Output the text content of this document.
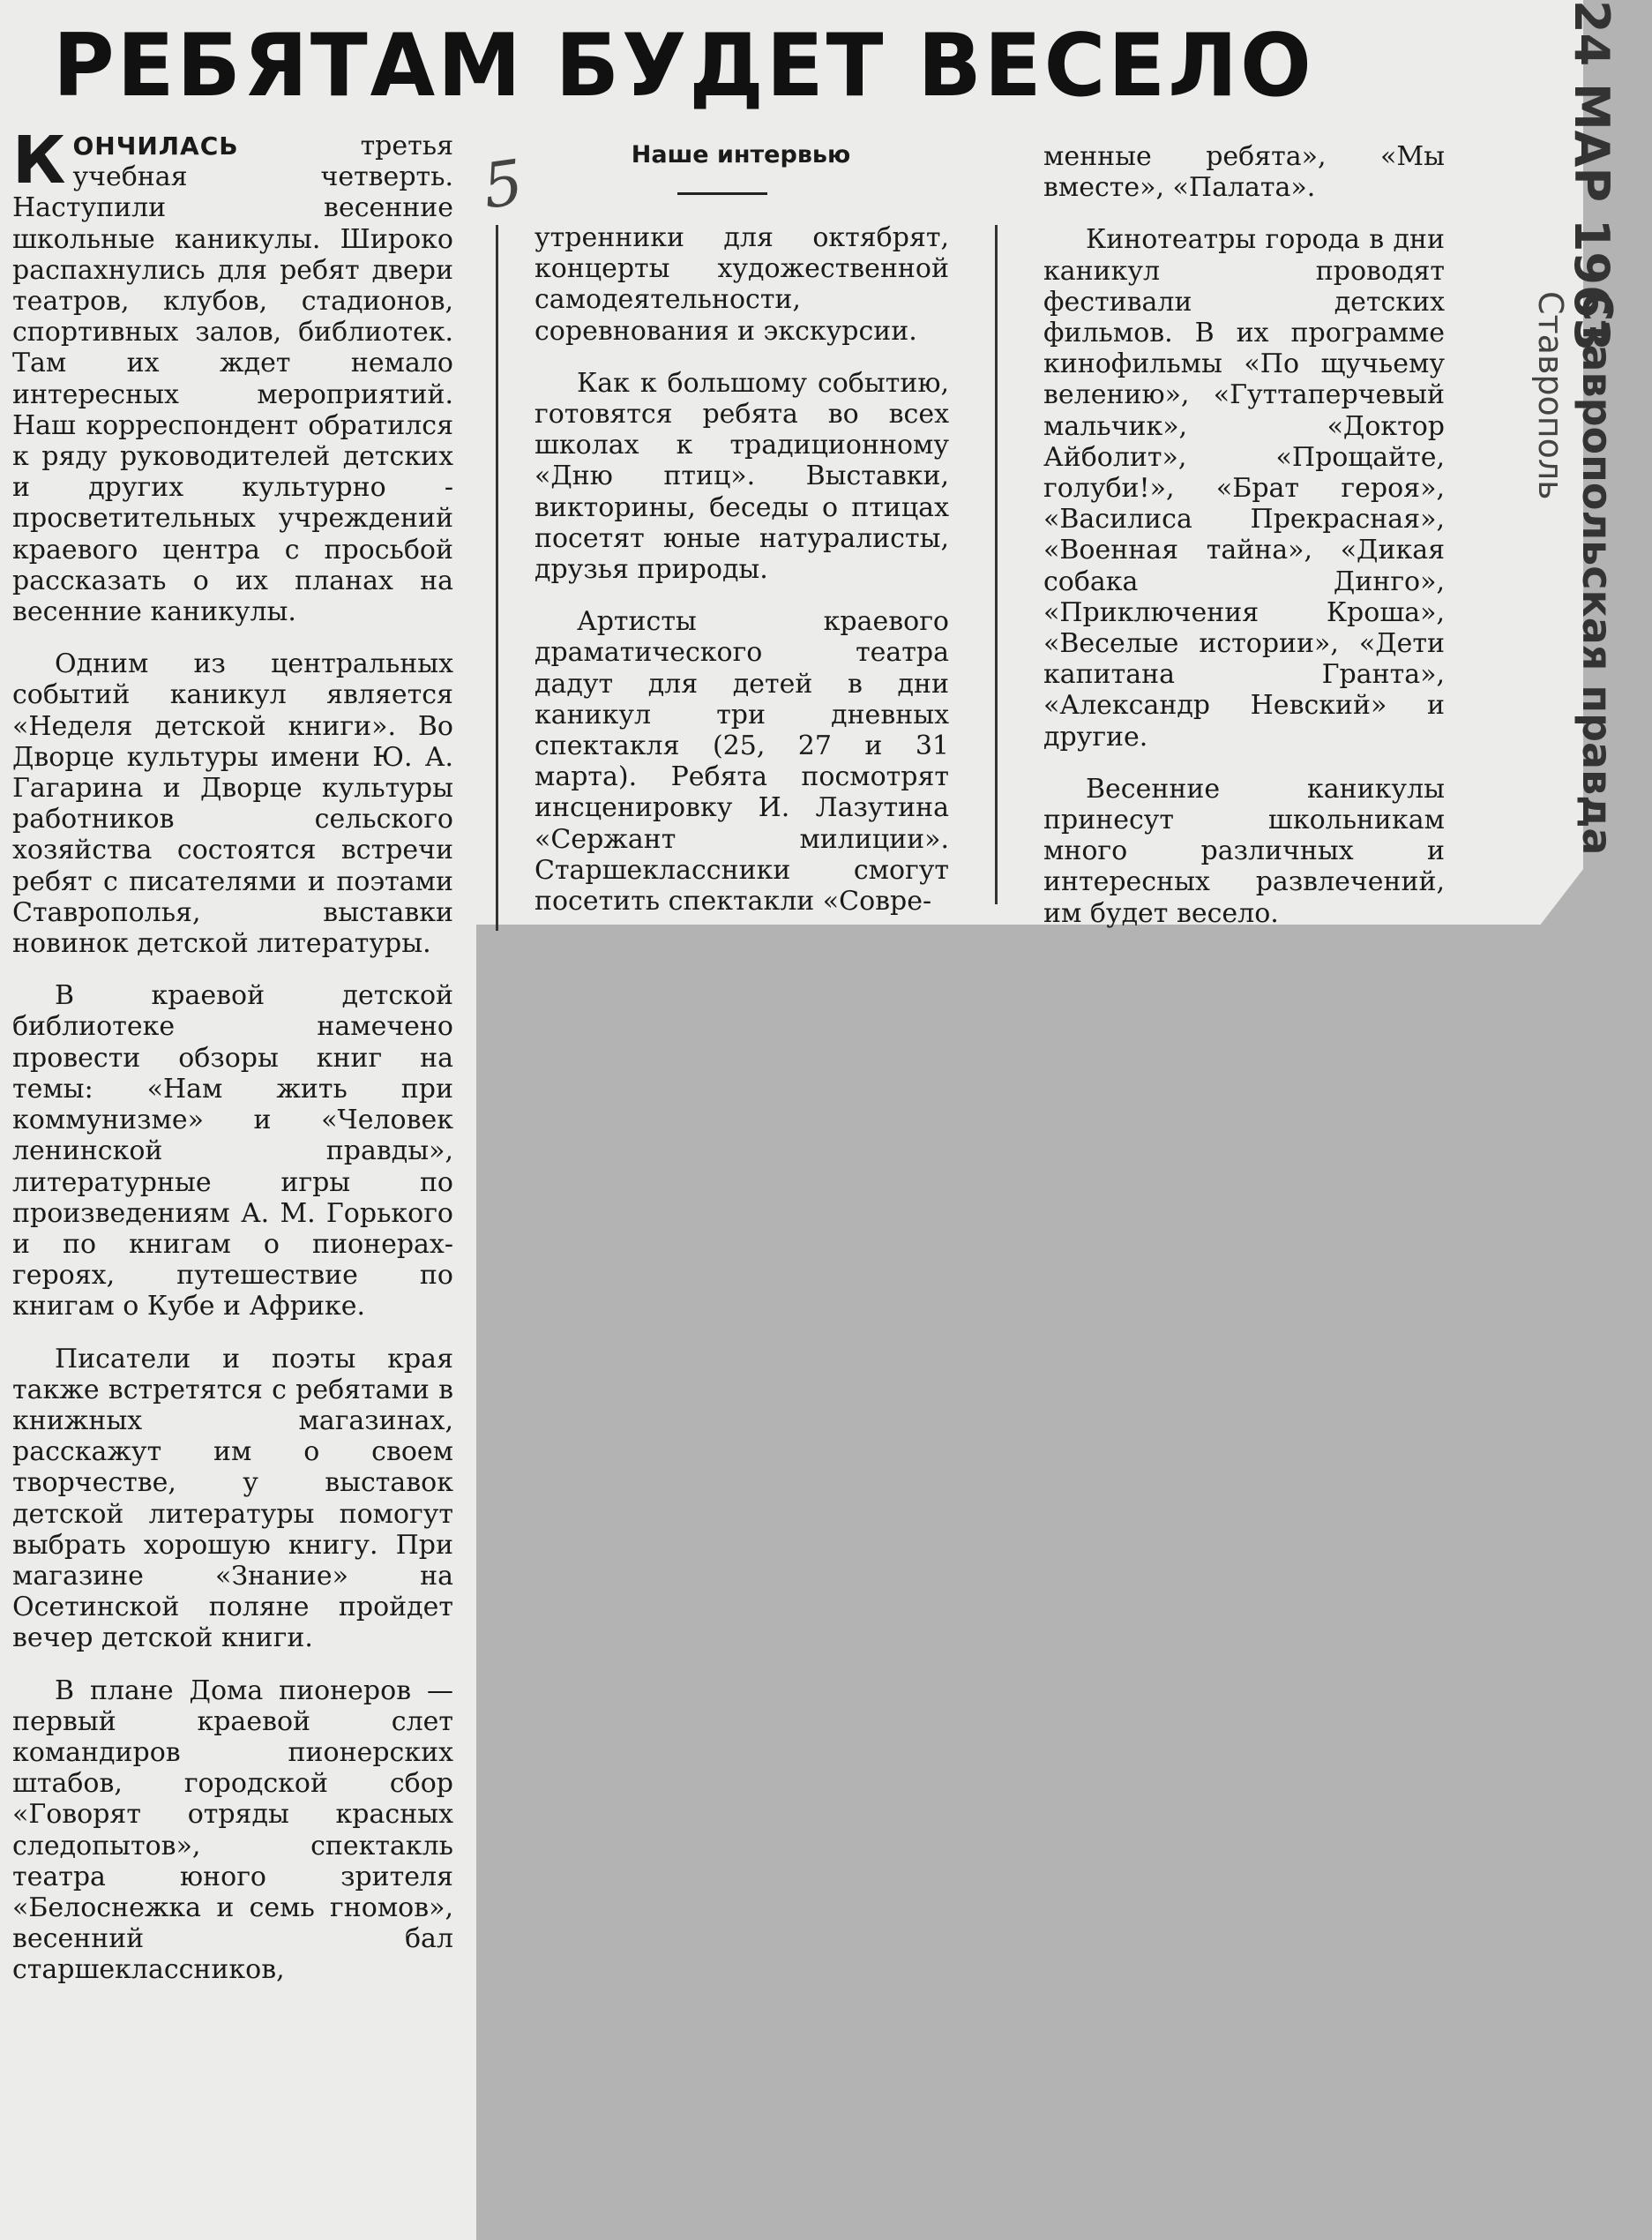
РЕБЯТАМ БУДЕТ ВЕСЕЛО
Наше интервью
5

КОНЧИЛАСЬ третья учебная четверть. Наступили весенние школьные каникулы. Широко распахнулись для ребят двери театров, клубов, стадионов, спортивных залов, библиотек. Там их ждет немало интересных мероприятий. Наш корреспондент обратился к ряду руководителей детских и других культурно - просветительных учреждений краевого центра с просьбой рассказать о их планах на весенние каникулы.

Одним из центральных событий каникул является «Неделя детской книги». Во Дворце культуры имени Ю. А. Гагарина и Дворце культуры работников сельского хозяйства состоятся встречи ребят с писателями и поэтами Ставрополья, выставки новинок детской литературы.

В краевой детской библиотеке намечено провести обзоры книг на темы: «Нам жить при коммунизме» и «Человек ленинской правды», литературные игры по произведениям А. М. Горького и по книгам о пионерах-героях, путешествие по книгам о Кубе и Африке.

Писатели и поэты края также встретятся с ребятами в книжных магазинах, расскажут им о своем творчестве, у выставок детской литературы помогут выбрать хорошую книгу. При магазине «Знание» на Осетинской поляне пройдет вечер детской книги.

В плане Дома пионеров — первый краевой слет командиров пионерских штабов, городской сбор «Говорят отряды красных следопытов», спектакль театра юного зрителя «Белоснежка и семь гномов», весенний бал старшеклассников,

утренники для октябрят, концерты художественной самодеятельности, соревнования и экскурсии.

Как к большому событию, готовятся ребята во всех школах к традиционному «Дню птиц». Выставки, викторины, беседы о птицах посетят юные натуралисты, друзья природы.

Артисты краевого драматического театра дадут для детей в дни каникул три дневных спектакля (25, 27 и 31 марта). Ребята посмотрят инсценировку И. Лазутина «Сержант милиции». Старшеклассники смогут посетить спектакли «Совре-

менные ребята», «Мы вместе», «Палата».

Кинотеатры города в дни каникул проводят фестивали детских фильмов. В их программе кинофильмы «По щучьему велению», «Гуттаперчевый мальчик», «Доктор Айболит», «Прощайте, голуби!», «Брат героя», «Василиса Прекрасная», «Военная тайна», «Дикая собака Динго», «Приключения Кроша», «Веселые истории», «Дети капитана Гранта», «Александр Невский» и другие.

Весенние каникулы принесут школьникам много различных и интересных развлечений, им будет весело.

24 МАР 1963
Ставропольская правда
Ставрополь
